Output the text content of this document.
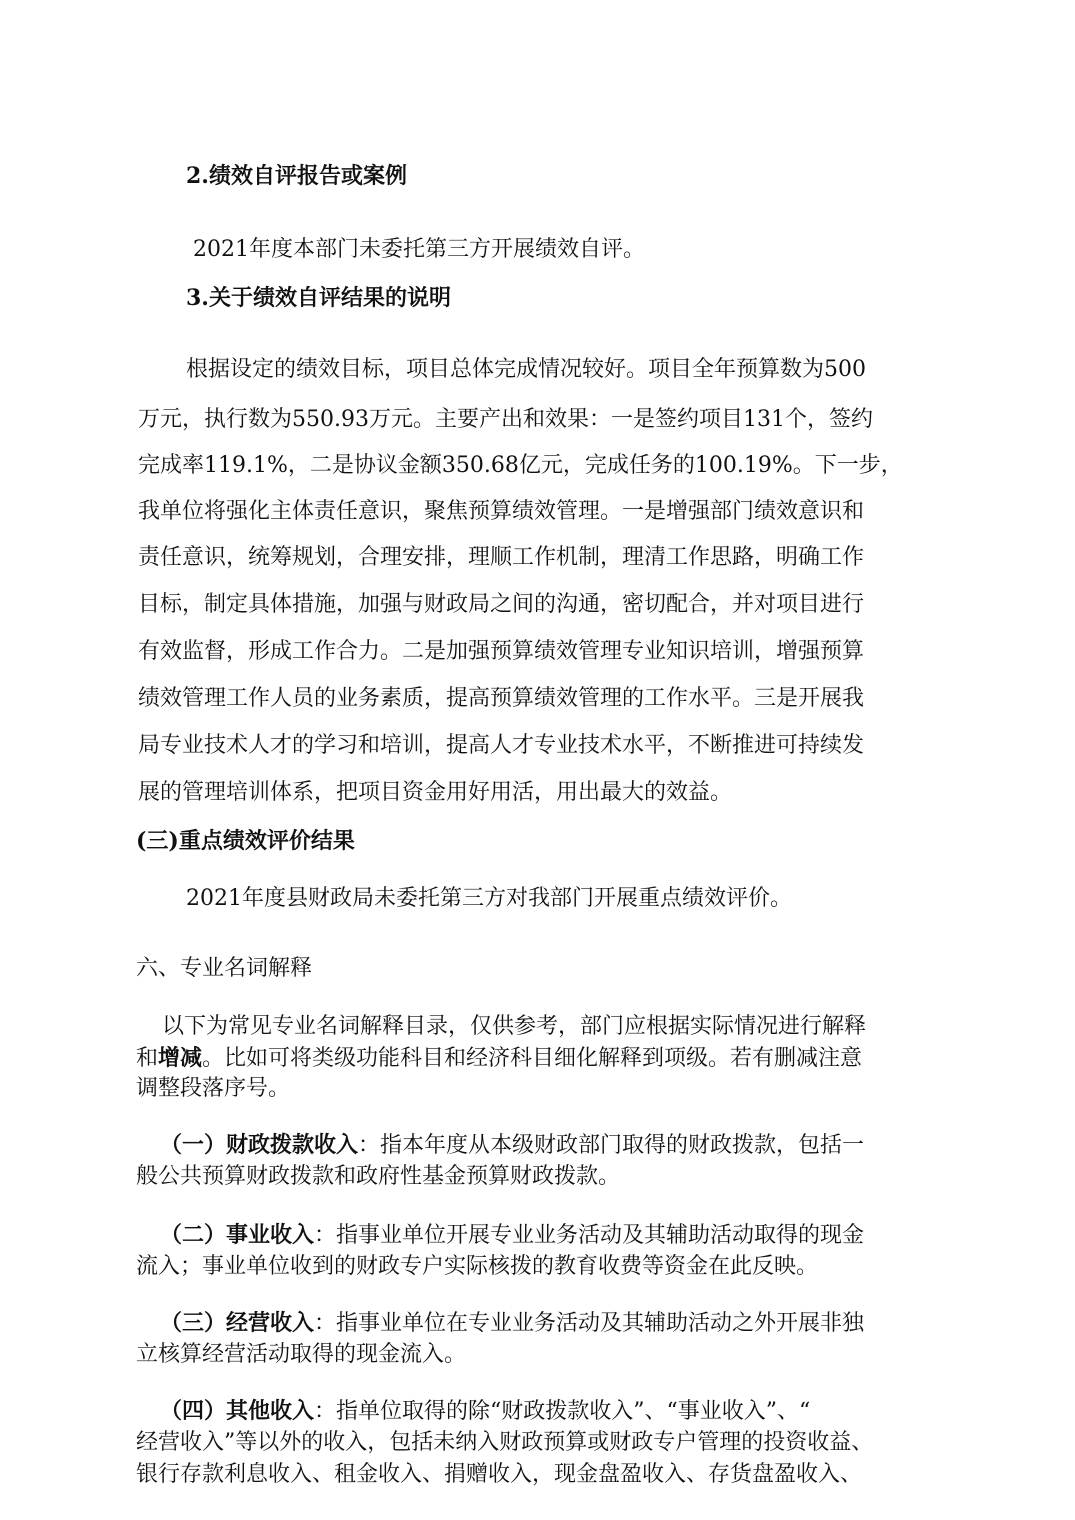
2.绩效自评报告或案例
2021年度本部门未委托第三方开展绩效自评。
3.关于绩效自评结果的说明
根据设定的绩效目标，项目总体完成情况较好。项目全年预算数为500
万元，执行数为550.93万元。主要产出和效果：一是签约项目131个，签约
完成率119.1%，二是协议金额350.68亿元，完成任务的100.19%。下一步，
我单位将强化主体责任意识，聚焦预算绩效管理。一是增强部门绩效意识和
责任意识，统筹规划，合理安排，理顺工作机制，理清工作思路，明确工作
目标，制定具体措施，加强与财政局之间的沟通，密切配合，并对项目进行
有效监督，形成工作合力。二是加强预算绩效管理专业知识培训，增强预算
绩效管理工作人员的业务素质，提高预算绩效管理的工作水平。三是开展我
局专业技术人才的学习和培训，提高人才专业技术水平，不断推进可持续发
展的管理培训体系，把项目资金用好用活，用出最大的效益。
(三)重点绩效评价结果
2021年度县财政局未委托第三方对我部门开展重点绩效评价。
六、专业名词解释
以下为常见专业名词解释目录，仅供参考，部门应根据实际情况进行解释
和增减。比如可将类级功能科目和经济科目细化解释到项级。若有删减注意
调整段落序号。
（一）财政拨款收入：指本年度从本级财政部门取得的财政拨款，包括一
般公共预算财政拨款和政府性基金预算财政拨款。
（二）事业收入：指事业单位开展专业业务活动及其辅助活动取得的现金
流入；事业单位收到的财政专户实际核拨的教育收费等资金在此反映。
（三）经营收入：指事业单位在专业业务活动及其辅助活动之外开展非独
立核算经营活动取得的现金流入。
（四）其他收入：指单位取得的除“财政拨款收入”、“事业收入”、“
经营收入”等以外的收入，包括未纳入财政预算或财政专户管理的投资收益、
银行存款利息收入、租金收入、捐赠收入，现金盘盈收入、存货盘盈收入、
